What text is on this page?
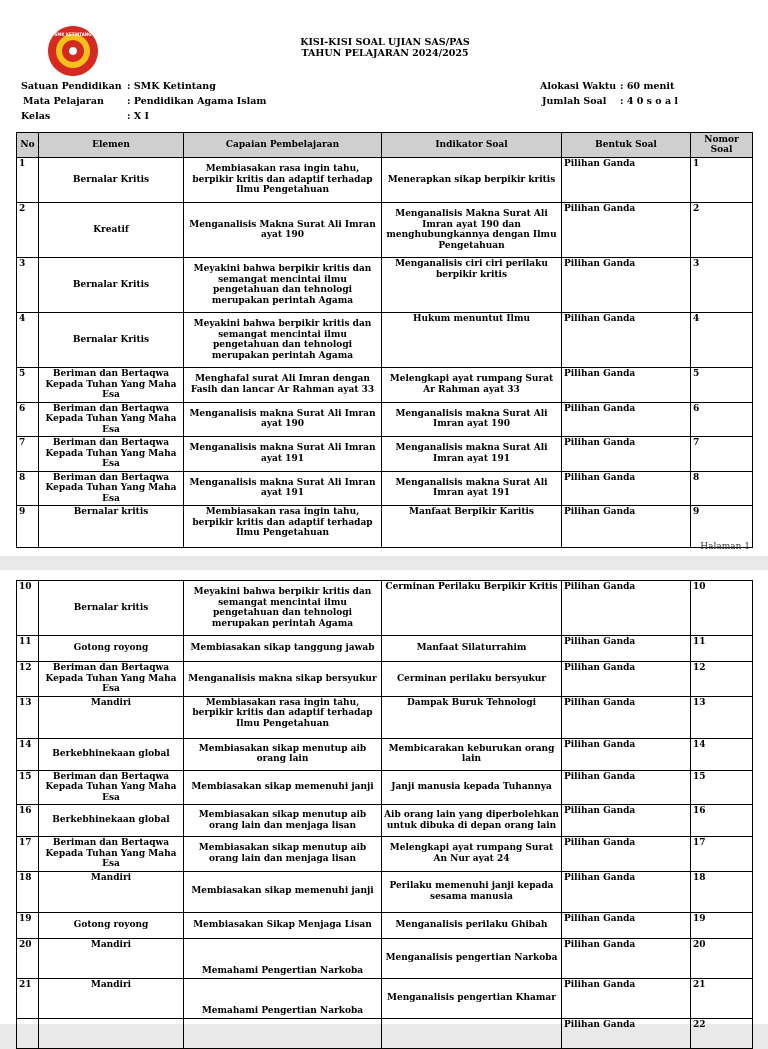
SMK KETINTANG
KISI-KISI SOAL UJIAN SAS/PAS
TAHUN PELAJARAN 2024/2025
Satuan Pendidikan : SMK Ketintang
Mata Pelajaran : Pendidikan Agama Islam
Kelas	: X I
Alokasi Waktu : 60 menit
Jumlah Soal : 4 0 s o a l
No	Elemen	Capaian Pembelajaran	Indikator Soal	Bentuk Soal	Nomor Soal
1	Bernalar Kritis	Membiasakan rasa ingin tahu, berpikir kritis dan adaptif terhadap Ilmu Pengetahuan	Menerapkan sikap berpikir kritis	Pilihan Ganda	1
2	Kreatif	Menganalisis Makna Surat Ali Imran ayat 190	Menganalisis Makna Surat Ali Imran ayat 190 dan menghubungkannya dengan Ilmu Pengetahuan	Pilihan Ganda	2
3	Bernalar Kritis	Meyakini bahwa berpikir kritis dan semangat mencintai ilmu pengetahuan dan tehnologi merupakan perintah Agama	Menganalisis ciri ciri perilaku berpikir kritis	Pilihan Ganda	3
4	Bernalar Kritis	Meyakini bahwa berpikir kritis dan semangat mencintai ilmu pengetahuan dan tehnologi merupakan perintah Agama	Hukum menuntut Ilmu	Pilihan Ganda	4
5	Beriman dan Bertaqwa Kepada Tuhan Yang Maha Esa	Menghafal surat Ali Imran dengan Fasih dan lancar Ar Rahman ayat 33	Melengkapi ayat rumpang Surat Ar Rahman ayat 33	Pilihan Ganda	5
6	Beriman dan Bertaqwa Kepada Tuhan Yang Maha Esa	Menganalisis makna Surat Ali Imran ayat 190	Menganalisis makna Surat Ali Imran ayat 190	Pilihan Ganda	6
7	Beriman dan Bertaqwa Kepada Tuhan Yang Maha Esa	Menganalisis makna Surat Ali Imran ayat 191	Menganalisis makna Surat Ali Imran ayat 191	Pilihan Ganda	7
8	Beriman dan Bertaqwa Kepada Tuhan Yang Maha Esa	Menganalisis makna Surat Ali Imran ayat 191	Menganalisis makna Surat Ali Imran ayat 191	Pilihan Ganda	8
9	Bernalar kritis	Membiasakan rasa ingin tahu, berpikir kritis dan adaptif terhadap Ilmu Pengetahuan	Manfaat Berpikir Karitis	Pilihan Ganda	9
Halaman 1
10	Bernalar kritis	Meyakini bahwa berpikir kritis dan semangat mencintai ilmu pengetahuan dan tehnologi merupakan perintah Agama	Cerminan Perilaku Berpikir Kritis	Pilihan Ganda	10
11	Gotong royong	Membiasakan sikap tanggung jawab	Manfaat Silaturrahim	Pilihan Ganda	11
12	Beriman dan Bertaqwa Kepada Tuhan Yang Maha Esa	Menganalisis makna sikap bersyukur	Cerminan perilaku bersyukur	Pilihan Ganda	12
13	Mandiri	Membiasakan rasa ingin tahu, berpikir kritis dan adaptif terhadap Ilmu Pengetahuan	Dampak Buruk Tehnologi	Pilihan Ganda	13
14	Berkebhinekaan global	Membiasakan sikap menutup aib orang lain	Membicarakan keburukan orang lain	Pilihan Ganda	14
15	Beriman dan Bertaqwa Kepada Tuhan Yang Maha Esa	Membiasakan sikap memenuhi janji	Janji manusia kepada Tuhannya	Pilihan Ganda	15
16	Berkebhinekaan global	Membiasakan sikap menutup aib orang lain dan menjaga lisan	Aib orang lain yang diperbolehkan untuk dibuka di depan orang lain	Pilihan Ganda	16
17	Beriman dan Bertaqwa Kepada Tuhan Yang Maha Esa	Membiasakan sikap menutup aib orang lain dan menjaga lisan	Melengkapi ayat rumpang Surat An Nur ayat 24	Pilihan Ganda	17
18	Mandiri	Membiasakan sikap memenuhi janji	Perilaku memenuhi janji kepada sesama manusia	Pilihan Ganda	18
19	Gotong royong	Membiasakan Sikap Menjaga Lisan	Menganalisis perilaku Ghibah	Pilihan Ganda	19
20	Mandiri	Memahami Pengertian Narkoba	Menganalisis pengertian Narkoba	Pilihan Ganda	20
21	Mandiri	Memahami Pengertian Narkoba	Menganalisis pengertian Khamar	Pilihan Ganda	21
				Pilihan Ganda	22
